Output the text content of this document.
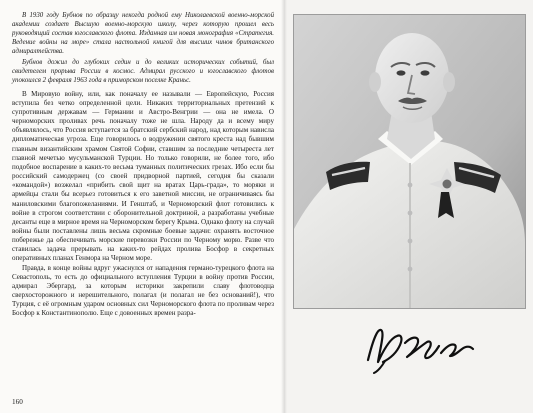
В 1930 году Бубнов по образцу некогда родной ему Николаевской военно-морской академии создает Высшую военно-морскую школу, через которую прошел весь руководящий состав югославского флота. Изданная им новая монография «Стратегия. Ведение войны на море» стала настольной книгой для высших чинов британского адмиралтейства.

Бубнов дожил до глубоких седин и до великих исторических событий, был свидетелем прорыва России в космос. Адмирал русского и югославского флотов упокоился 2 февраля 1963 года в приморском поселке Краньс.

В Мировую войну, или, как поначалу ее называли — Европейскую, Россия вступила без четко определенной цели. Никаких территориальных претензий к супротивным державам — Германии и Австро-Венгрии — она не имела. О черноморских проливах речь поначалу тоже не шла. Народу да и всему миру объявлялось, что Россия вступается за братский сербский народ, над которым нависла дипломатическая угроза. Еще говорилось о водружении святого креста над бывшим главным византийским храмом Святой Софии, ставшим за последние четыреста лет главной мечетью мусульманской Турции. Но только говорили, не более того, ибо подобное воспарение в каких-то весьма туманных политических грезах. Ибо если бы российский самодержец (со своей придворной партией, сегодня бы сказали «командой») возжелал «прибить свой щит на вратах Царь-града», то моряки и армейцы стали бы всерьез готовиться к его заветной миссии, не ограничиваясь бы маниловскими благопожеланиями. И Генштаб, и Черноморский флот готовились к войне в строгом соответствии с оборонительной доктриной, а разработаны учебные десанты еще в мирное время на Черноморском берегу Крыма. Однако флоту на случай войны были поставлены лишь весьма скромные боевые задачи: охранять восточное побережье да обеспечивать морские перевозки России по Черному морю. Разве что ставилась задача прерывать на каких-то рейдах пролива Босфор в секретных оперативных планах Генмора на Черном море.

Правда, в конце войны вдруг ужаснулся от нападения германо-турецкого флота на Севастополь, то есть до официального вступления Турции в войну против России, адмирал Эбергард, за которым историки закрепили славу флотоводца сверхосторожного и нерешительного, полагал (и полагал не без оснований!), что Турция, с её огромным ударом основных сил Черноморского флота по проливам через Босфор к Константинополю. Еще с довоенных времен разра-

160
